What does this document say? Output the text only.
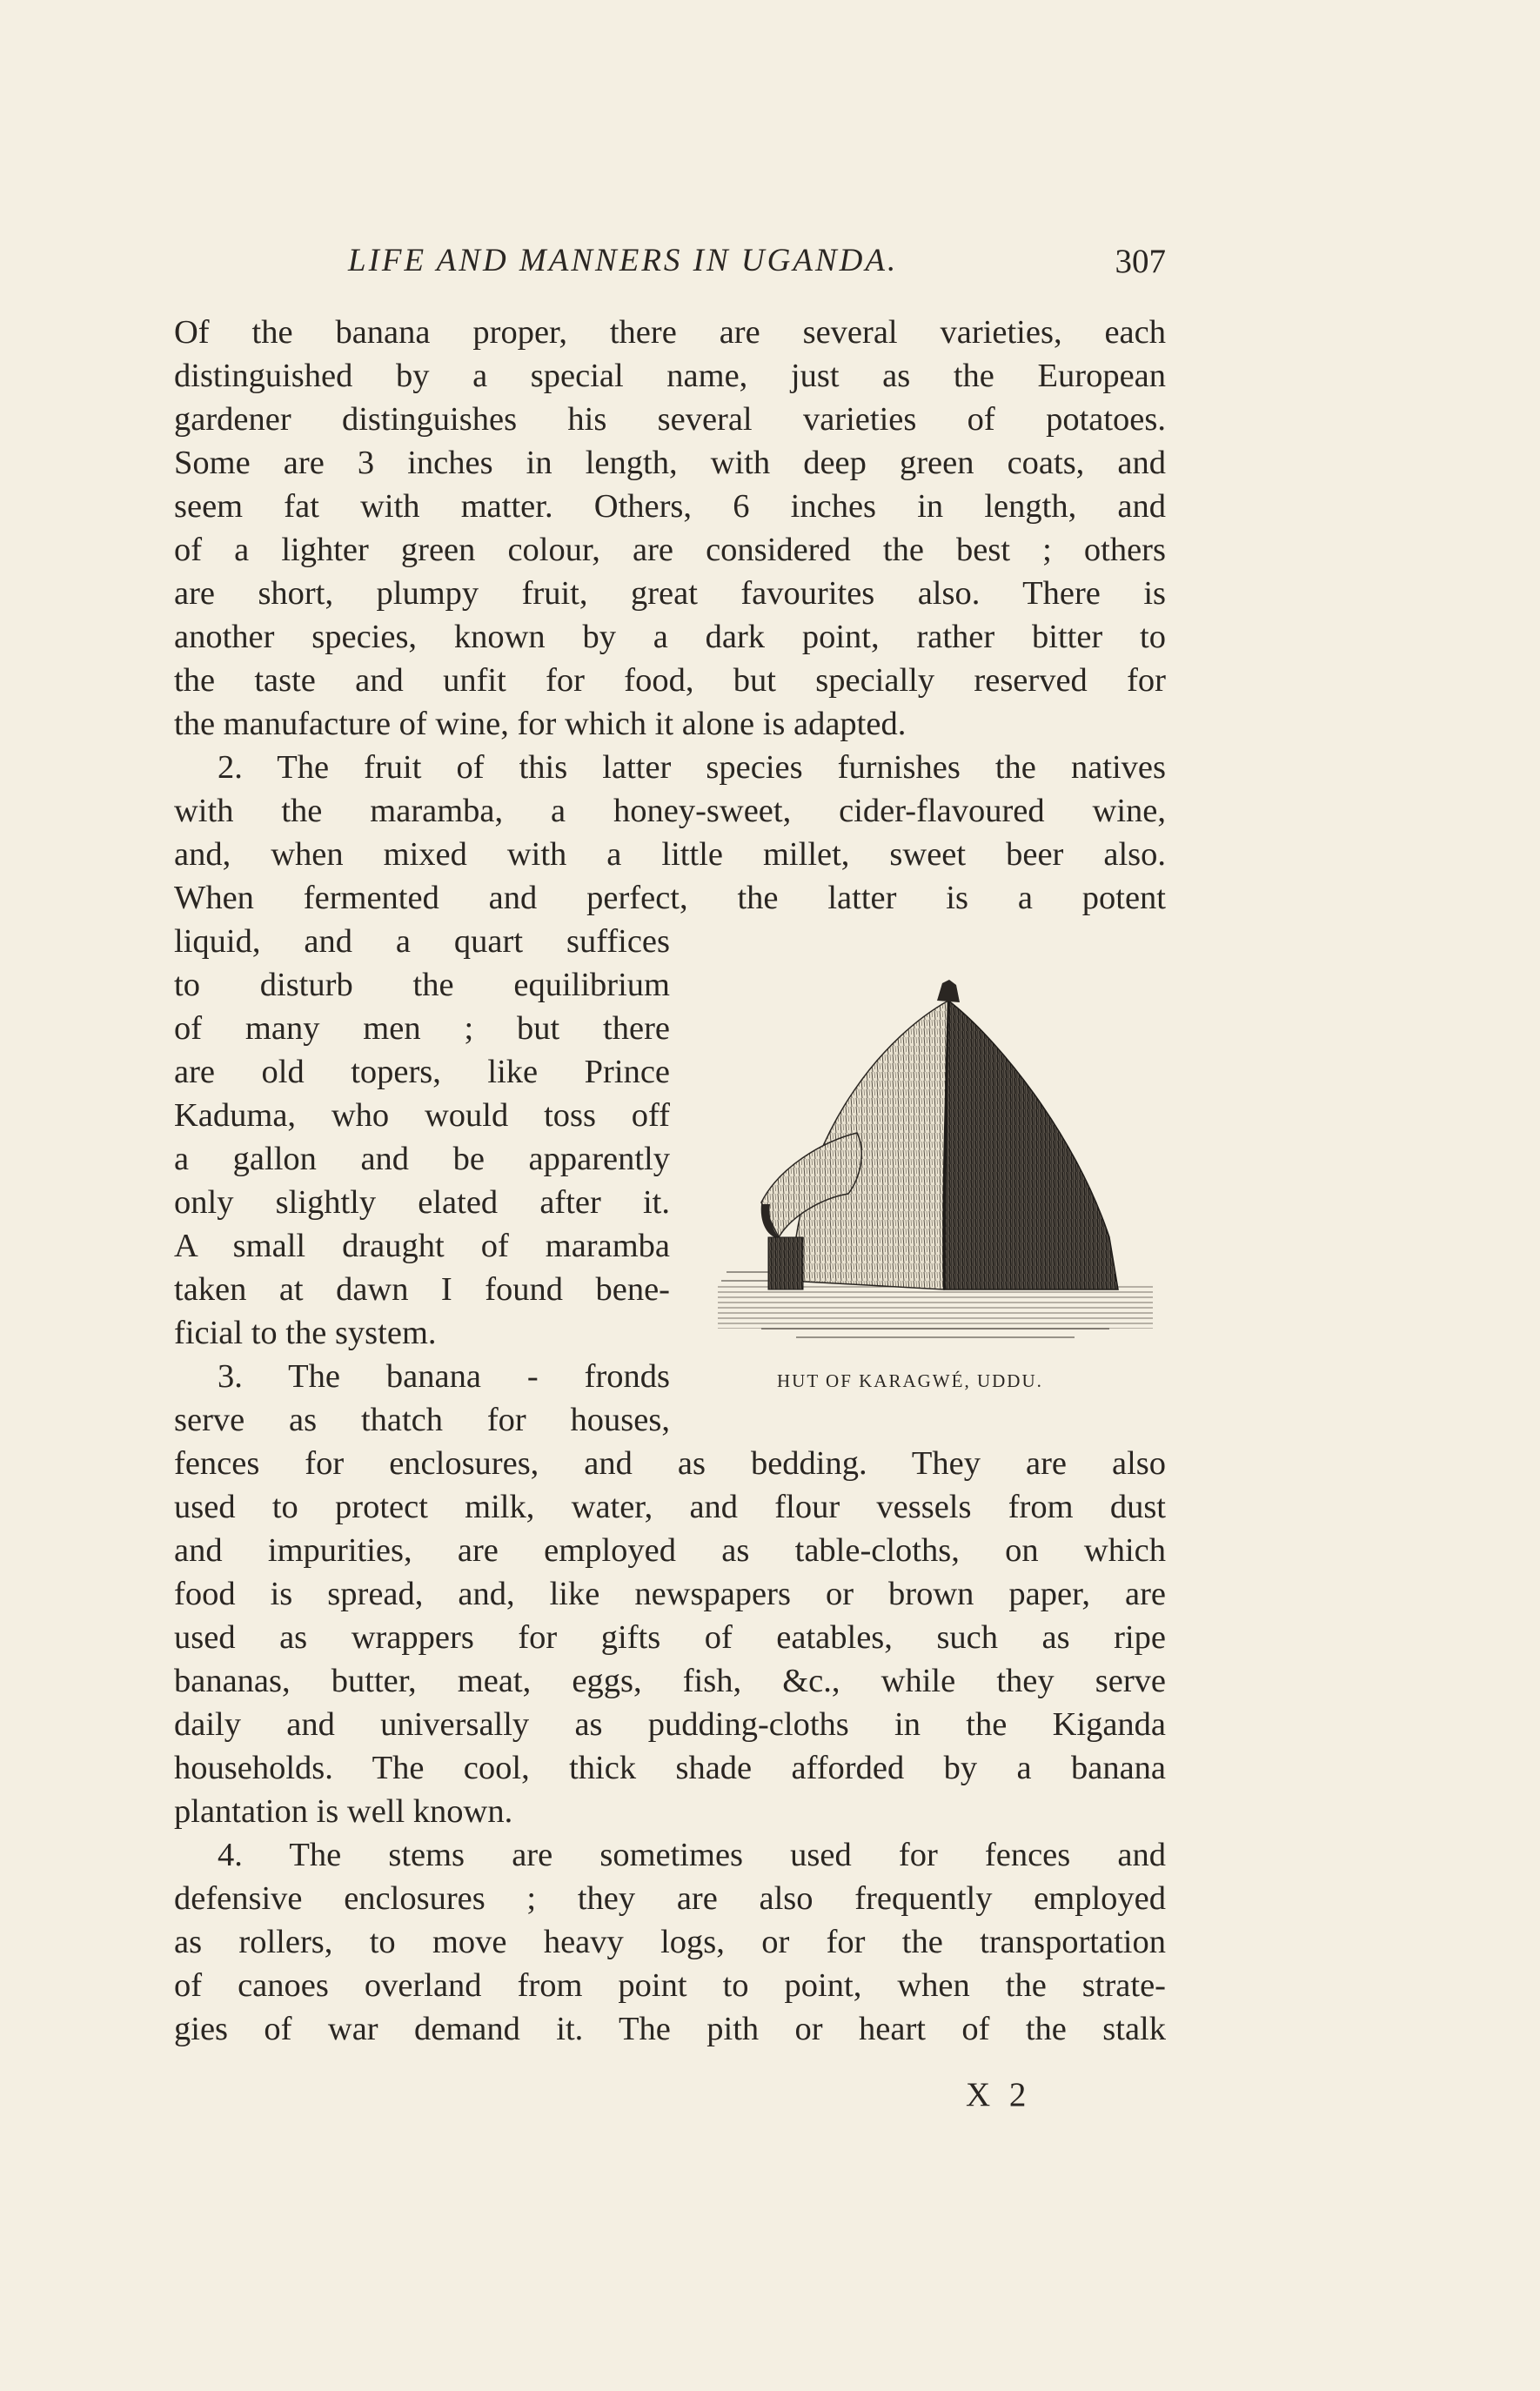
LIFE AND MANNERS IN UGANDA.	307
Of the banana proper, there are several varieties, each
distinguished by a special name, just as the European
gardener distinguishes his several varieties of potatoes.
Some are 3 inches in length, with deep green coats, and
seem fat with matter. Others, 6 inches in length, and
of a lighter green colour, are considered the best ; others
are short, plumpy fruit, great favourites also. There is
another species, known by a dark point, rather bitter to
the taste and unfit for food, but specially reserved for
the manufacture of wine, for which it alone is adapted.
2. The fruit of this latter species furnishes the natives
with the maramba, a honey-sweet, cider-flavoured wine,
and, when mixed with a little millet, sweet beer also.
When fermented and perfect, the latter is a potent
liquid, and a quart suffices
to disturb the equilibrium
of many men ; but there
are old topers, like Prince
Kaduma, who would toss off
a gallon and be apparently
only slightly elated after it.
A small draught of maramba
taken at dawn I found bene-
ficial to the system.
3. The banana - fronds
serve as thatch for houses,
fences for enclosures, and as bedding. They are also
used to protect milk, water, and flour vessels from dust
and impurities, are employed as table-cloths, on which
food is spread, and, like newspapers or brown paper, are
used as wrappers for gifts of eatables, such as ripe
bananas, butter, meat, eggs, fish, &c., while they serve
daily and universally as pudding-cloths in the Kiganda
households. The cool, thick shade afforded by a banana
plantation is well known.
4. The stems are sometimes used for fences and
defensive enclosures ; they are also frequently employed
as rollers, to move heavy logs, or for the transportation
of canoes overland from point to point, when the strate-
gies of war demand it. The pith or heart of the stalk
HUT OF KARAGWÉ, UDDU.
X 2
